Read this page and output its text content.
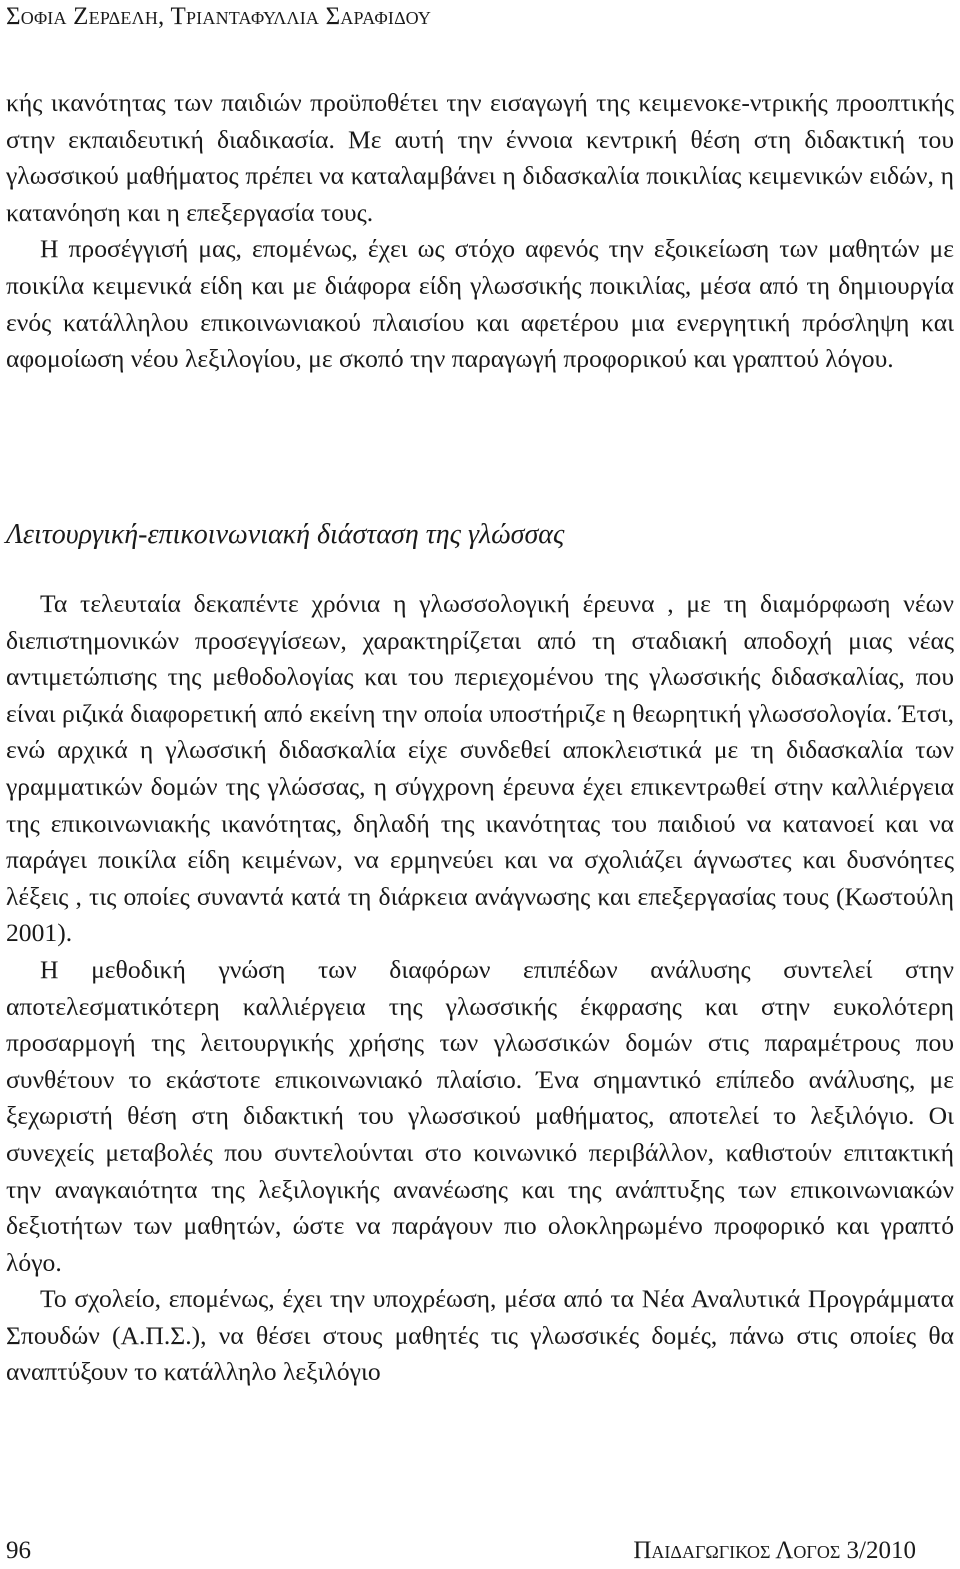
Σοφια Ζερδελη, Τριανταφυλλια Σαραφιδου

κής ικανότητας των παιδιών προϋποθέτει την εισαγωγή της κειμενοκε-ντρικής προοπτικής στην εκπαιδευτική διαδικασία. Με αυτή την έννοια κεντρική θέση στη διδακτική του γλωσσικού μαθήματος πρέπει να καταλαμβάνει η διδασκαλία ποικιλίας κειμενικών ειδών, η κατανόηση και η επεξεργασία τους.

Η προσέγγισή μας, επομένως, έχει ως στόχο αφενός την εξοικείωση των μαθητών με ποικίλα κειμενικά είδη και με διάφορα είδη γλωσσικής ποικιλίας, μέσα από τη δημιουργία ενός κατάλληλου επικοινωνιακού πλαισίου και αφετέρου μια ενεργητική πρόσληψη και αφομοίωση νέου λεξιλογίου, με σκοπό την παραγωγή προφορικού και γραπτού λόγου.

Λειτουργική-επικοινωνιακή διάσταση της γλώσσας

Τα τελευταία δεκαπέντε χρόνια η γλωσσολογική έρευνα , με τη διαμόρφωση νέων διεπιστημονικών προσεγγίσεων, χαρακτηρίζεται από τη σταδιακή αποδοχή μιας νέας αντιμετώπισης της μεθοδολογίας και του περιεχομένου της γλωσσικής διδασκαλίας, που είναι ριζικά διαφορετική από εκείνη την οποία υποστήριζε η θεωρητική γλωσσολογία. Έτσι, ενώ αρχικά η γλωσσική διδασκαλία είχε συνδεθεί αποκλειστικά με τη διδασκαλία των γραμματικών δομών της γλώσσας, η σύγχρονη έρευνα έχει επικεντρωθεί στην καλλιέργεια της επικοινωνιακής ικανότητας, δηλαδή της ικανότητας του παιδιού να κατανοεί και να παράγει ποικίλα είδη κειμένων, να ερμηνεύει και να σχολιάζει άγνωστες και δυσνόητες λέξεις , τις οποίες συναντά κατά τη διάρκεια ανάγνωσης και επεξεργασίας τους (Κωστούλη 2001).

Η μεθοδική γνώση των διαφόρων επιπέδων ανάλυσης συντελεί στην αποτελεσματικότερη καλλιέργεια της γλωσσικής έκφρασης και στην ευκολότερη προσαρμογή της λειτουργικής χρήσης των γλωσσικών δομών στις παραμέτρους που συνθέτουν το εκάστοτε επικοινωνιακό πλαίσιο. Ένα σημαντικό επίπεδο ανάλυσης, με ξεχωριστή θέση στη διδακτική του γλωσσικού μαθήματος, αποτελεί το λεξιλόγιο. Οι συνεχείς μεταβολές που συντελούνται στο κοινωνικό περιβάλλον, καθιστούν επιτακτική την αναγκαιότητα της λεξιλογικής ανανέωσης και της ανάπτυξης των επικοινωνιακών δεξιοτήτων των μαθητών, ώστε να παράγουν πιο ολοκληρωμένο προφορικό και γραπτό λόγο.

Το σχολείο, επομένως, έχει την υποχρέωση, μέσα από τα Νέα Αναλυτικά Προγράμματα Σπουδών (Α.Π.Σ.), να θέσει στους μαθητές τις γλωσσικές δομές, πάνω στις οποίες θα αναπτύξουν το κατάλληλο λεξιλόγιο

96	Παιδαγωγικος Λογος 3/2010
